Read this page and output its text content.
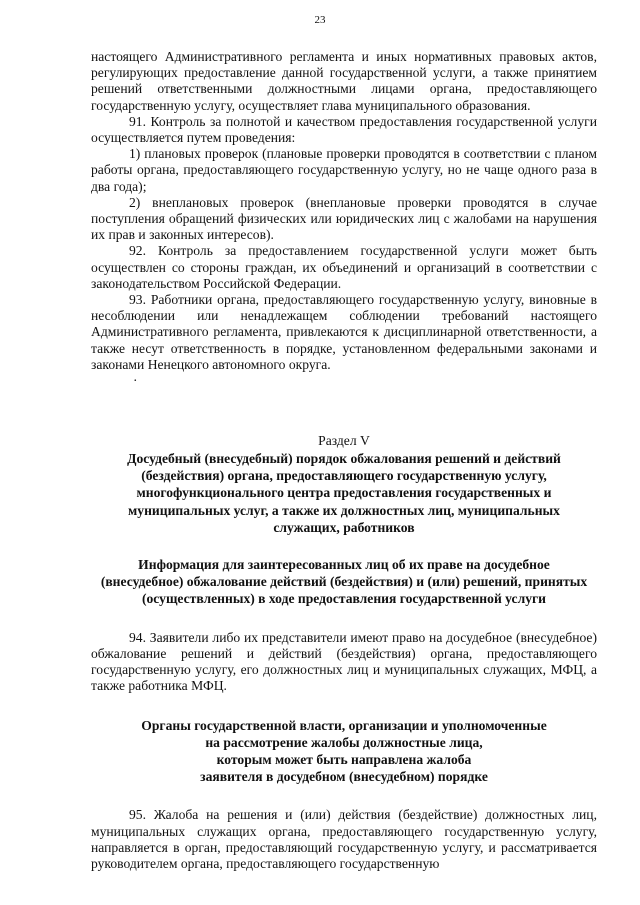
23

настоящего Административного регламента и иных нормативных правовых актов, регулирующих предоставление данной государственной услуги, а также принятием решений ответственными должностными лицами органа, предоставляющего государственную услугу, осуществляет глава муниципального образования.

91. Контроль за полнотой и качеством предоставления государственной услуги осуществляется путем проведения:

1) плановых проверок (плановые проверки проводятся в соответствии с планом работы органа, предоставляющего государственную услугу, но не чаще одного раза в два года);

2) внеплановых проверок (внеплановые проверки проводятся в случае поступления обращений физических или юридических лиц с жалобами на нарушения их прав и законных интересов).

92. Контроль за предоставлением государственной услуги может быть осуществлен со стороны граждан, их объединений и организаций в соответствии с законодательством Российской Федерации.

93. Работники органа, предоставляющего государственную услугу, виновные в несоблюдении или ненадлежащем соблюдении требований настоящего Административного регламента, привлекаются к дисциплинарной ответственности, а также несут ответственность в порядке, установленном федеральными законами и законами Ненецкого автономного округа.

·
Раздел V
Досудебный (внесудебный) порядок обжалования решений и действий
(бездействия) органа, предоставляющего государственную услугу,
многофункционального центра предоставления государственных и
муниципальных услуг, а также их должностных лиц, муниципальных
служащих, работников
Информация для заинтересованных лиц об их праве на досудебное
(внесудебное) обжалование действий (бездействия) и (или) решений, принятых
(осуществленных) в ходе предоставления государственной услуги

94. Заявители либо их представители имеют право на досудебное (внесудебное) обжалование решений и действий (бездействия) органа, предоставляющего государственную услугу, его должностных лиц и муниципальных служащих, МФЦ, а также работника МФЦ.

Органы государственной власти, организации и уполномоченные
на рассмотрение жалобы должностные лица,
которым может быть направлена жалоба
заявителя в досудебном (внесудебном) порядке

95. Жалоба на решения и (или) действия (бездействие) должностных лиц, муниципальных служащих органа, предоставляющего государственную услугу, направляется в орган, предоставляющий государственную услугу, и рассматривается руководителем органа, предоставляющего государственную
